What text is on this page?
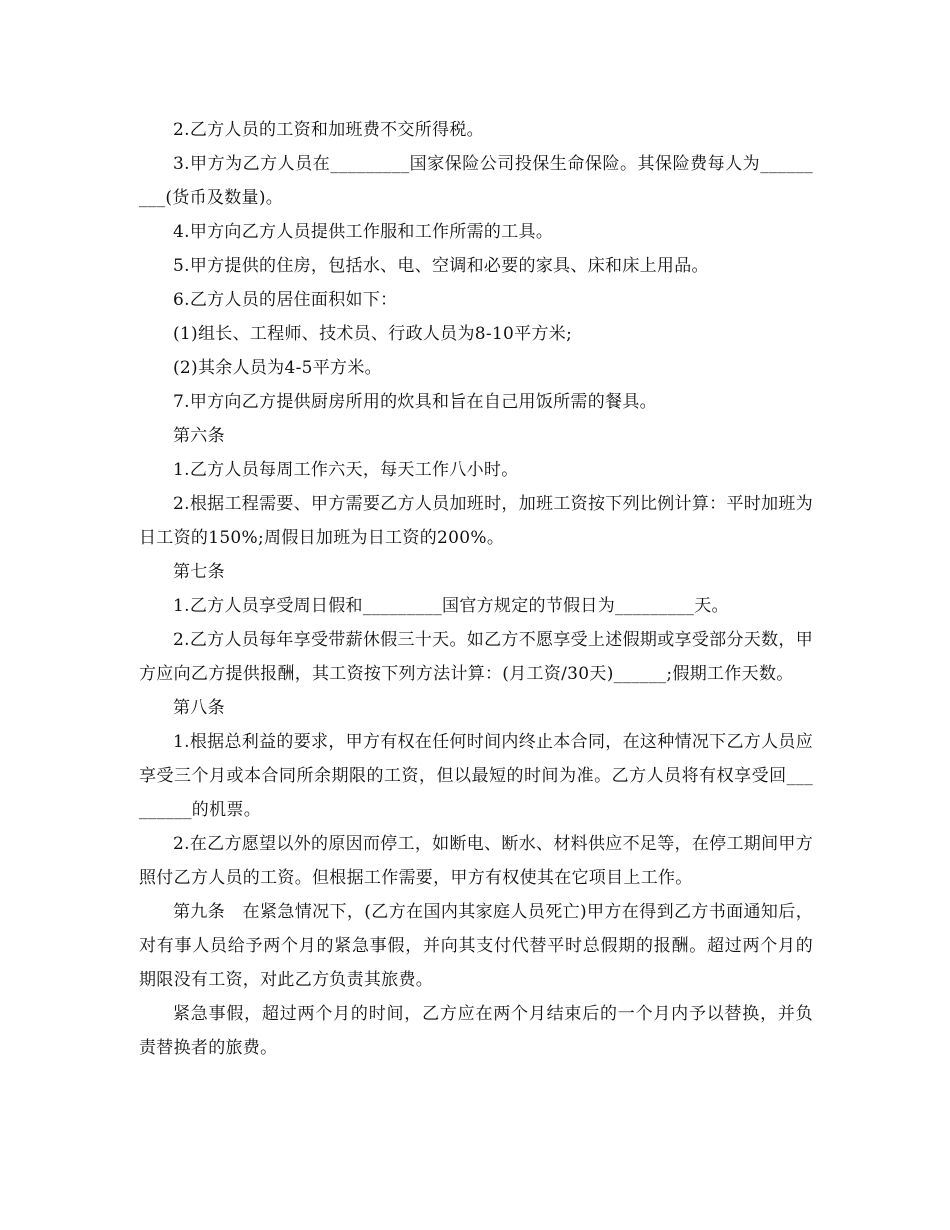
2.乙方人员的工资和加班费不交所得税。

3.甲方为乙方人员在_________国家保险公司投保生命保险。其保险费每人为_________(货币及数量)。

4.甲方向乙方人员提供工作服和工作所需的工具。

5.甲方提供的住房，包括水、电、空调和必要的家具、床和床上用品。

6.乙方人员的居住面积如下：

(1)组长、工程师、技术员、行政人员为8-10平方米;

(2)其余人员为4-5平方米。

7.甲方向乙方提供厨房所用的炊具和旨在自己用饭所需的餐具。

第六条

1.乙方人员每周工作六天，每天工作八小时。

2.根据工程需要、甲方需要乙方人员加班时，加班工资按下列比例计算：平时加班为日工资的150%;周假日加班为日工资的200%。

第七条

1.乙方人员享受周日假和_________国官方规定的节假日为_________天。

2.乙方人员每年享受带薪休假三十天。如乙方不愿享受上述假期或享受部分天数，甲方应向乙方提供报酬，其工资按下列方法计算：(月工资/30天)______;假期工作天数。

第八条

1.根据总利益的要求，甲方有权在任何时间内终止本合同，在这种情况下乙方人员应享受三个月或本合同所余期限的工资，但以最短的时间为准。乙方人员将有权享受回_________的机票。

2.在乙方愿望以外的原因而停工，如断电、断水、材料供应不足等，在停工期间甲方照付乙方人员的工资。但根据工作需要，甲方有权使其在它项目上工作。

第九条　在紧急情况下，(乙方在国内其家庭人员死亡)甲方在得到乙方书面通知后，对有事人员给予两个月的紧急事假，并向其支付代替平时总假期的报酬。超过两个月的期限没有工资，对此乙方负责其旅费。

紧急事假，超过两个月的时间，乙方应在两个月结束后的一个月内予以替换，并负责替换者的旅费。
